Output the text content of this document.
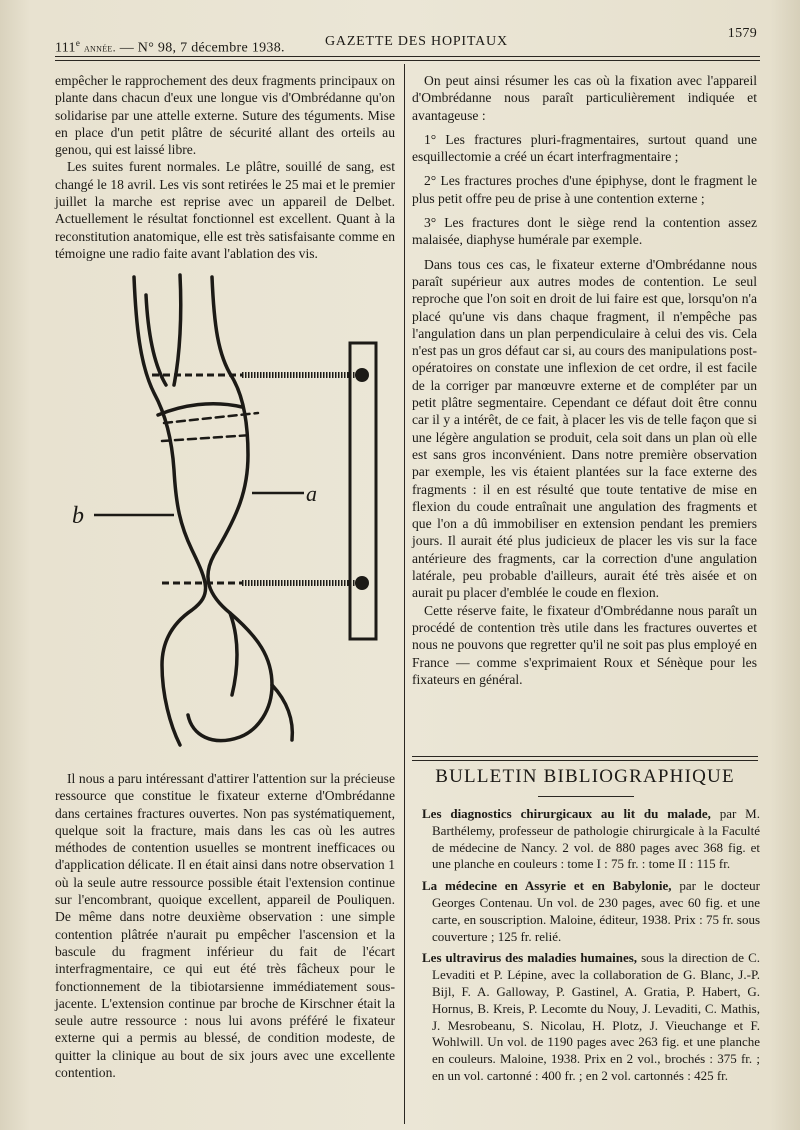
111e année. — N° 98, 7 décembre 1938.	GAZETTE DES HOPITAUX
1579

empêcher le rapprochement des deux fragments principaux on plante dans chacun d'eux une longue vis d'Ombrédanne qu'on solidarise par une attelle externe. Suture des téguments. Mise en place d'un petit plâtre de sécurité allant des orteils au genou, qui est laissé libre.

Les suites furent normales. Le plâtre, souillé de sang, est changé le 18 avril. Les vis sont retirées le 25 mai et le premier juillet la marche est reprise avec un appareil de Delbet. Actuellement le résultat fonctionnel est excellent. Quant à la reconstitution anatomique, elle est très satisfaisante comme en témoigne une radio faite avant l'ablation des vis.

a
b

Il nous a paru intéressant d'attirer l'attention sur la précieuse ressource que constitue le fixateur externe d'Ombrédanne dans certaines fractures ouvertes. Non pas systématiquement, quelque soit la fracture, mais dans les cas où les autres méthodes de contention usuelles se montrent inefficaces ou d'application délicate. Il en était ainsi dans notre observation 1 où la seule autre ressource possible était l'extension continue sur l'encombrant, quoique excellent, appareil de Pouliquen. De même dans notre deuxième observation : une simple contention plâtrée n'aurait pu empêcher l'ascension et la bascule du fragment inférieur du fait de l'écart interfragmentaire, ce qui eut été très fâcheux pour le fonctionnement de la tibiotarsienne immédiatement sous-jacente. L'extension continue par broche de Kirschner était la seule autre ressource : nous lui avons préféré le fixateur externe qui a permis au blessé, de condition modeste, de quitter la clinique au bout de six jours avec une excellente contention.

On peut ainsi résumer les cas où la fixation avec l'appareil d'Ombrédanne nous paraît particulièrement indiquée et avantageuse :

1° Les fractures pluri-fragmentaires, surtout quand une esquillectomie a créé un écart interfragmentaire ;

2° Les fractures proches d'une épiphyse, dont le fragment le plus petit offre peu de prise à une contention externe ;

3° Les fractures dont le siège rend la contention assez malaisée, diaphyse humérale par exemple.

Dans tous ces cas, le fixateur externe d'Ombrédanne nous paraît supérieur aux autres modes de contention. Le seul reproche que l'on soit en droit de lui faire est que, lorsqu'on n'a placé qu'une vis dans chaque fragment, il n'empêche pas l'angulation dans un plan perpendiculaire à celui des vis. Cela n'est pas un gros défaut car si, au cours des manipulations post-opératoires on constate une inflexion de cet ordre, il est facile de la corriger par manœuvre externe et de compléter par un petit plâtre segmentaire. Cependant ce défaut doit être connu car il y a intérêt, de ce fait, à placer les vis de telle façon que si une légère angulation se produit, cela soit dans un plan où elle est sans gros inconvénient. Dans notre première observation par exemple, les vis étaient plantées sur la face externe des fragments : il en est résulté que toute tentative de mise en flexion du coude entraînait une angulation des fragments et que l'on a dû immobiliser en extension pendant les premiers jours. Il aurait été plus judicieux de placer les vis sur la face antérieure des fragments, car la correction d'une angulation latérale, peu probable d'ailleurs, aurait été très aisée et on aurait pu placer d'emblée le coude en flexion.

Cette réserve faite, le fixateur d'Ombrédanne nous paraît un procédé de contention très utile dans les fractures ouvertes et nous ne pouvons que regretter qu'il ne soit pas plus employé en France — comme s'exprimaient Roux et Sénèque pour les fixateurs en général.

BULLETIN BIBLIOGRAPHIQUE

Les diagnostics chirurgicaux au lit du malade, par M. Barthélemy, professeur de pathologie chirurgicale à la Faculté de médecine de Nancy. 2 vol. de 880 pages avec 368 fig. et une planche en couleurs : tome I : 75 fr. : tome II : 115 fr.

La médecine en Assyrie et en Babylonie, par le docteur Georges Contenau. Un vol. de 230 pages, avec 60 fig. et une carte, en souscription. Maloine, éditeur, 1938. Prix : 75 fr. sous couverture ; 125 fr. relié.

Les ultravirus des maladies humaines, sous la direction de C. Levaditi et P. Lépine, avec la collaboration de G. Blanc, J.-P. Bijl, F. A. Galloway, P. Gastinel, A. Gratia, P. Habert, G. Hornus, B. Kreis, P. Lecomte du Nouy, J. Levaditi, C. Mathis, J. Mesrobeanu, S. Nicolau, H. Plotz, J. Vieuchange et F. Wohlwill. Un vol. de 1190 pages avec 263 fig. et une planche en couleurs. Maloine, 1938. Prix en 2 vol., brochés : 375 fr. ; en un vol. cartonné : 400 fr. ; en 2 vol. cartonnés : 425 fr.
